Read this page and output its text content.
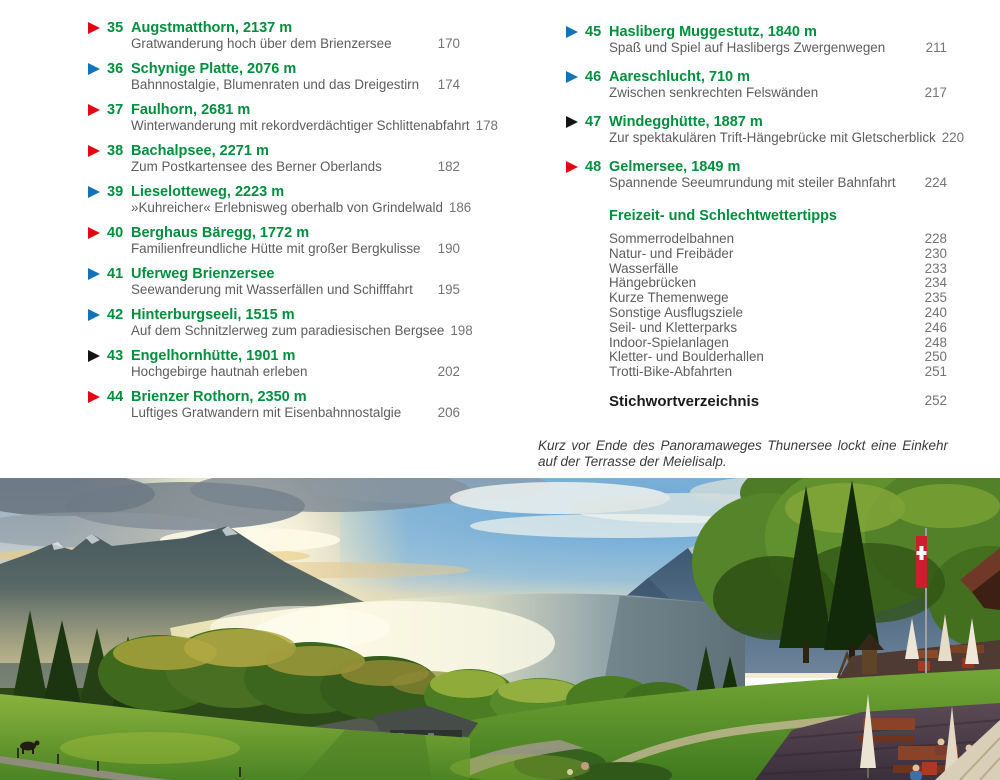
35 Augstmatthorn, 2137 m
Gratwanderung hoch über dem Brienzersee	170
36 Schynige Platte, 2076 m
Bahnnostalgie, Blumenraten und das Dreigestirn 174
37 Faulhorn, 2681 m
Winterwanderung mit rekordverdächtiger Schlittenabfahrt 178
38 Bachalpsee, 2271 m
Zum Postkartensee des Berner Oberlands	182
39 Lieselotteweg, 2223 m
»Kuhreicher« Erlebnisweg oberhalb von Grindelwald 186
40 Berghaus Bäregg, 1772 m
Familienfreundliche Hütte mit großer Bergkulisse 190
41 Uferweg Brienzersee
Seewanderung mit Wasserfällen und Schifffahrt 195
42 Hinterburgseeli, 1515 m
Auf dem Schnitzlerweg zum paradiesischen Bergsee 198
43 Engelhornhütte, 1901 m
Hochgebirge hautnah erleben	202
44 Brienzer Rothorn, 2350 m
Luftiges Gratwandern mit Eisenbahnnostalgie	206
45 Hasliberg Muggestutz, 1840 m
Spaß und Spiel auf Haslibergs Zwergenwegen	211
46 Aareschlucht, 710 m
Zwischen senkrechten Felswänden	217
47 Windegghütte, 1887 m
Zur spektakulären Trift-Hängebrücke mit Gletscherblick 220
48 Gelmersee, 1849 m
Spannende Seeumrundung mit steiler Bahnfahrt 224
Freizeit- und Schlechtwettertipps
Sommerrodelbahnen	228
Natur- und Freibäder	230
Wasserfälle	233
Hängebrücken	234
Kurze Themenwege	235
Sonstige Ausflugsziele	240
Seil- und Kletterparks	246
Indoor-Spielanlagen	248
Kletter- und Boulderhallen	250
Trotti-Bike-Abfahrten	251
Stichwortverzeichnis	252
Kurz vor Ende des Panoramaweges Thunersee lockt eine Einkehr auf der Terrasse der Meielisalp.
